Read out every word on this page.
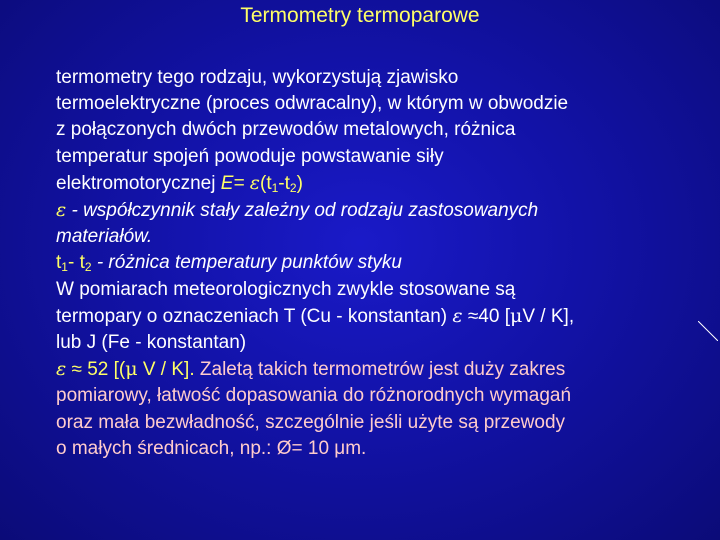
Termometry termoparowe
termometry tego rodzaju, wykorzystują zjawisko
termoelektryczne (proces odwracalny), w którym w obwodzie
z połączonych dwóch przewodów metalowych, różnica
temperatur spojeń powoduje powstawanie siły
elektromotorycznej $E= \varepsilon(t_1-t_2)$
ε - współczynnik stały zależny od rodzaju zastosowanych
materiałów.
$t_1-$ $t_2$ - różnica temperatury punktów styku
W pomiarach meteorologicznych zwykle stosowane są
termopary o oznaczeniach T (Cu - konstantan) ε ≈40 [μV / K],
lub J (Fe - konstantan)
ε ≈ 52 [(μ V / K]. Zaletą takich termometrów jest duży zakres
pomiarowy, łatwość dopasowania do różnorodnych wymagań
oraz mała bezwładność, szczególnie jeśli użyte są przewody
o małych średnicach, np.: Ø= 10 μm.
